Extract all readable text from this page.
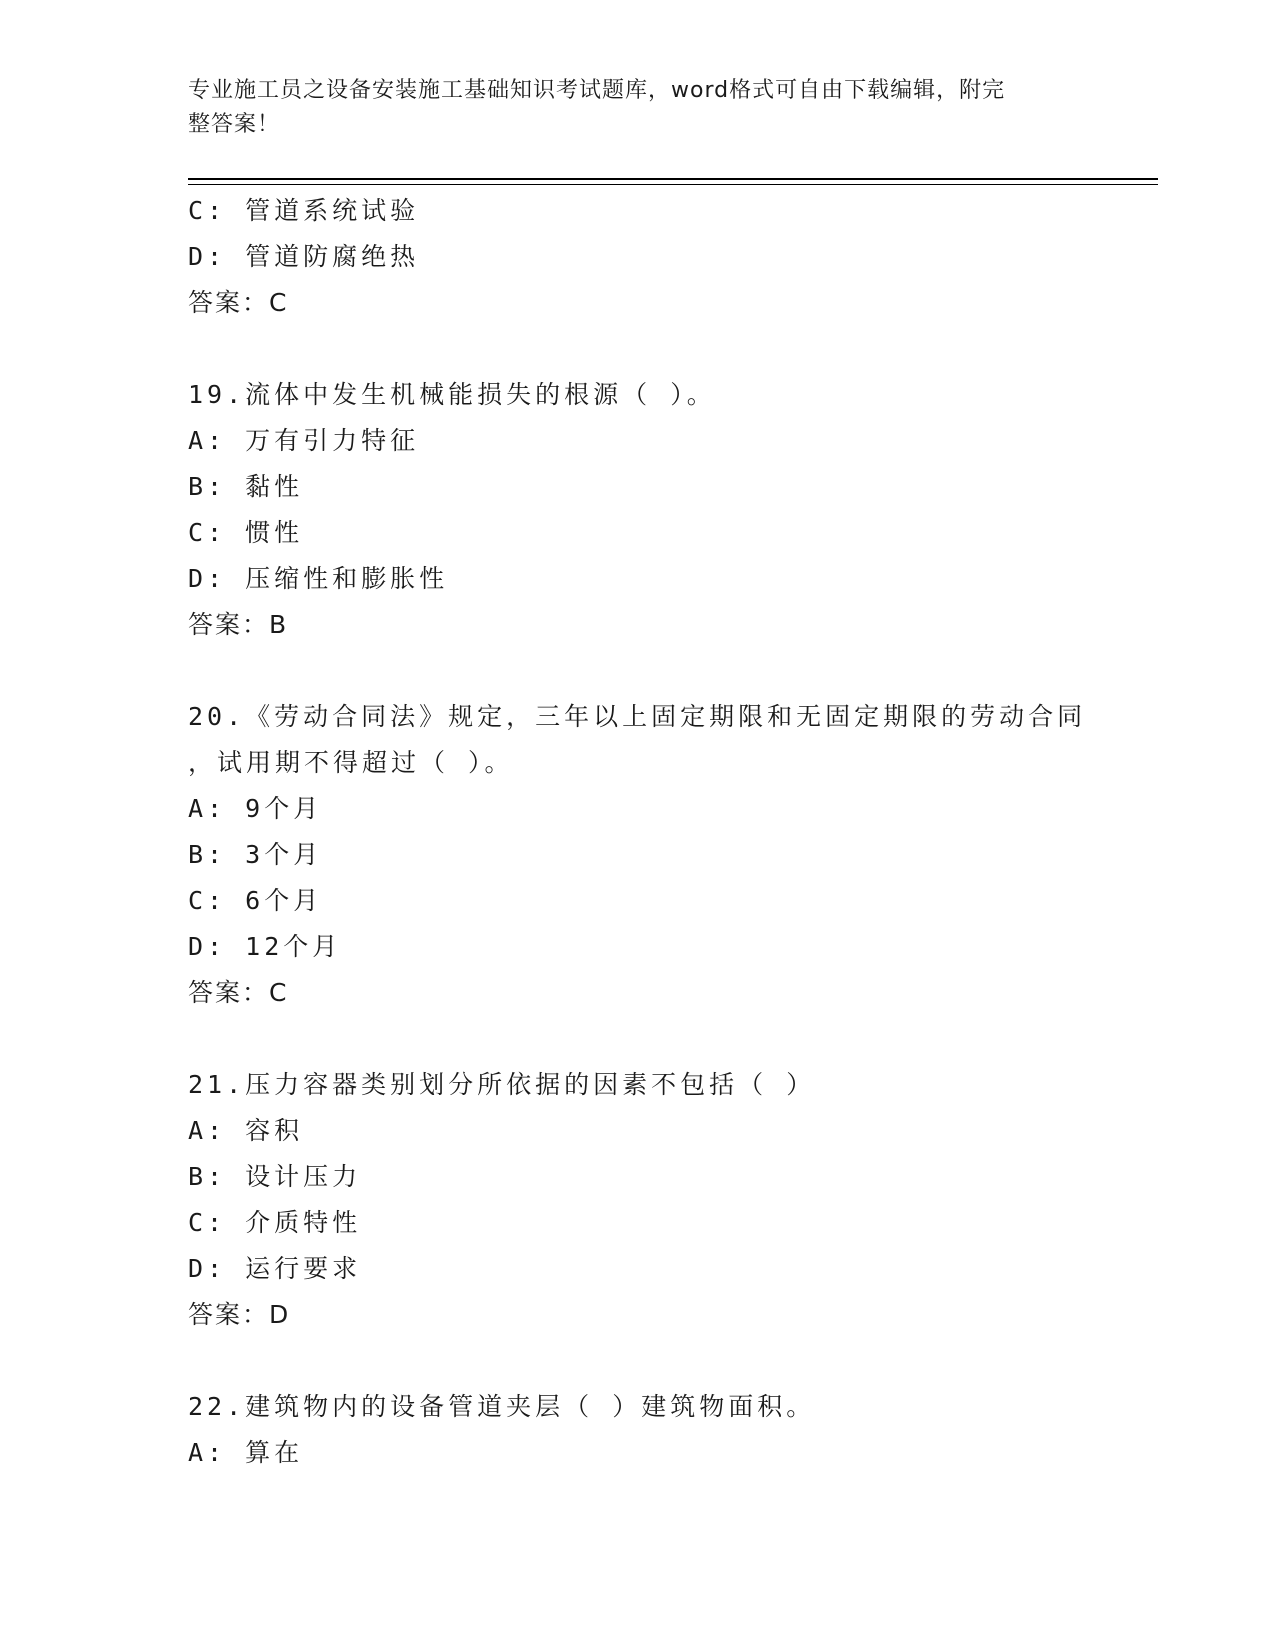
专业施工员之设备安装施工基础知识考试题库，word格式可自由下载编辑，附完
整答案！
C: 管道系统试验
D: 管道防腐绝热
答案：C
19.流体中发生机械能损失的根源（ ）。
A: 万有引力特征
B: 黏性
C: 惯性
D: 压缩性和膨胀性
答案：B
20.《劳动合同法》规定，三年以上固定期限和无固定期限的劳动合同
，试用期不得超过（ ）。
A: 9个月
B: 3个月
C: 6个月
D: 12个月
答案：C
21.压力容器类别划分所依据的因素不包括（ ）
A: 容积
B: 设计压力
C: 介质特性
D: 运行要求
答案：D
22.建筑物内的设备管道夹层（ ）建筑物面积。
A: 算在
